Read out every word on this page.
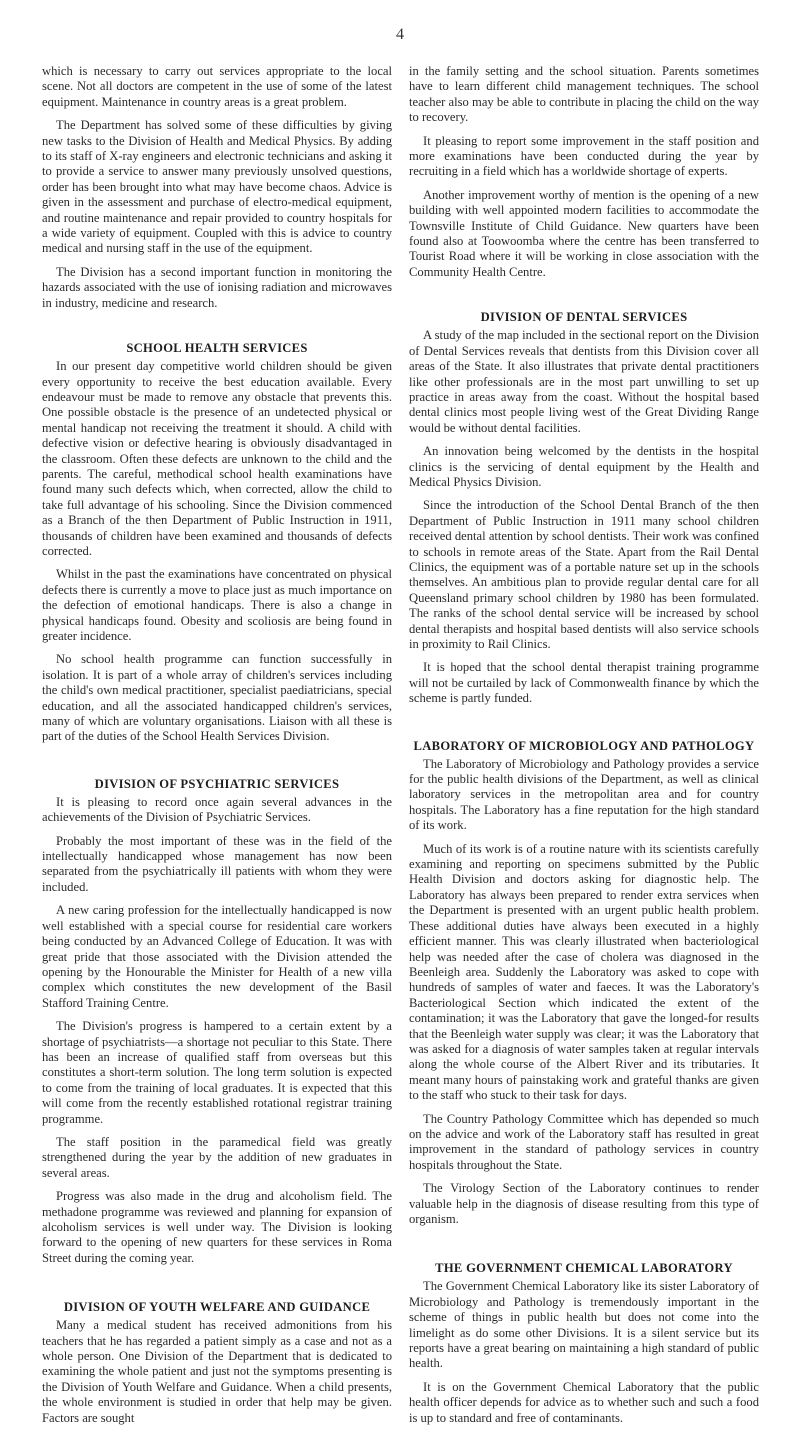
4

which is necessary to carry out services appropriate to the local scene. Not all doctors are competent in the use of some of the latest equipment. Maintenance in country areas is a great problem.

The Department has solved some of these difficulties by giving new tasks to the Division of Health and Medical Physics. By adding to its staff of X-ray engineers and electronic technicians and asking it to provide a service to answer many previously unsolved questions, order has been brought into what may have become chaos. Advice is given in the assessment and purchase of electro-medical equipment, and routine maintenance and repair provided to country hospitals for a wide variety of equipment. Coupled with this is advice to country medical and nursing staff in the use of the equipment.

The Division has a second important function in monitoring the hazards associated with the use of ionising radiation and microwaves in industry, medicine and research.

SCHOOL HEALTH SERVICES

In our present day competitive world children should be given every opportunity to receive the best education available. Every endeavour must be made to remove any obstacle that prevents this. One possible obstacle is the presence of an undetected physical or mental handicap not receiving the treatment it should. A child with defective vision or defective hearing is obviously disadvantaged in the classroom. Often these defects are unknown to the child and the parents. The careful, methodical school health examinations have found many such defects which, when corrected, allow the child to take full advantage of his schooling. Since the Division commenced as a Branch of the then Department of Public Instruction in 1911, thousands of children have been examined and thousands of defects corrected.

Whilst in the past the examinations have concentrated on physical defects there is currently a move to place just as much importance on the defection of emotional handicaps. There is also a change in physical handicaps found. Obesity and scoliosis are being found in greater incidence.

No school health programme can function successfully in isolation. It is part of a whole array of children's services including the child's own medical practitioner, specialist paediatricians, special education, and all the associated handicapped children's services, many of which are voluntary organisations. Liaison with all these is part of the duties of the School Health Services Division.

DIVISION OF PSYCHIATRIC SERVICES

It is pleasing to record once again several advances in the achievements of the Division of Psychiatric Services.

Probably the most important of these was in the field of the intellectually handicapped whose management has now been separated from the psychiatrically ill patients with whom they were included.

A new caring profession for the intellectually handicapped is now well established with a special course for residential care workers being conducted by an Advanced College of Education. It was with great pride that those associated with the Division attended the opening by the Honourable the Minister for Health of a new villa complex which constitutes the new development of the Basil Stafford Training Centre.

The Division's progress is hampered to a certain extent by a shortage of psychiatrists—a shortage not peculiar to this State. There has been an increase of qualified staff from overseas but this constitutes a short-term solution. The long term solution is expected to come from the training of local graduates. It is expected that this will come from the recently established rotational registrar training programme.

The staff position in the paramedical field was greatly strengthened during the year by the addition of new graduates in several areas.

Progress was also made in the drug and alcoholism field. The methadone programme was reviewed and planning for expansion of alcoholism services is well under way. The Division is looking forward to the opening of new quarters for these services in Roma Street during the coming year.

DIVISION OF YOUTH WELFARE AND GUIDANCE

Many a medical student has received admonitions from his teachers that he has regarded a patient simply as a case and not as a whole person. One Division of the Department that is dedicated to examining the whole patient and just not the symptoms presenting is the Division of Youth Welfare and Guidance. When a child presents, the whole environment is studied in order that help may be given. Factors are sought

in the family setting and the school situation. Parents sometimes have to learn different child management techniques. The school teacher also may be able to contribute in placing the child on the way to recovery.

It pleasing to report some improvement in the staff position and more examinations have been conducted during the year by recruiting in a field which has a worldwide shortage of experts.

Another improvement worthy of mention is the opening of a new building with well appointed modern facilities to accommodate the Townsville Institute of Child Guidance. New quarters have been found also at Toowoomba where the centre has been transferred to Tourist Road where it will be working in close association with the Community Health Centre.

DIVISION OF DENTAL SERVICES

A study of the map included in the sectional report on the Division of Dental Services reveals that dentists from this Division cover all areas of the State. It also illustrates that private dental practitioners like other professionals are in the most part unwilling to set up practice in areas away from the coast. Without the hospital based dental clinics most people living west of the Great Dividing Range would be without dental facilities.

An innovation being welcomed by the dentists in the hospital clinics is the servicing of dental equipment by the Health and Medical Physics Division.

Since the introduction of the School Dental Branch of the then Department of Public Instruction in 1911 many school children received dental attention by school dentists. Their work was confined to schools in remote areas of the State. Apart from the Rail Dental Clinics, the equipment was of a portable nature set up in the schools themselves. An ambitious plan to provide regular dental care for all Queensland primary school children by 1980 has been formulated. The ranks of the school dental service will be increased by school dental therapists and hospital based dentists will also service schools in proximity to Rail Clinics.

It is hoped that the school dental therapist training programme will not be curtailed by lack of Commonwealth finance by which the scheme is partly funded.

LABORATORY OF MICROBIOLOGY AND PATHOLOGY

The Laboratory of Microbiology and Pathology provides a service for the public health divisions of the Department, as well as clinical laboratory services in the metropolitan area and for country hospitals. The Laboratory has a fine reputation for the high standard of its work.

Much of its work is of a routine nature with its scientists carefully examining and reporting on specimens submitted by the Public Health Division and doctors asking for diagnostic help. The Laboratory has always been prepared to render extra services when the Department is presented with an urgent public health problem. These additional duties have always been executed in a highly efficient manner. This was clearly illustrated when bacteriological help was needed after the case of cholera was diagnosed in the Beenleigh area. Suddenly the Laboratory was asked to cope with hundreds of samples of water and faeces. It was the Laboratory's Bacteriological Section which indicated the extent of the contamination; it was the Laboratory that gave the longed-for results that the Beenleigh water supply was clear; it was the Laboratory that was asked for a diagnosis of water samples taken at regular intervals along the whole course of the Albert River and its tributaries. It meant many hours of painstaking work and grateful thanks are given to the staff who stuck to their task for days.

The Country Pathology Committee which has depended so much on the advice and work of the Laboratory staff has resulted in great improvement in the standard of pathology services in country hospitals throughout the State.

The Virology Section of the Laboratory continues to render valuable help in the diagnosis of disease resulting from this type of organism.

THE GOVERNMENT CHEMICAL LABORATORY

The Government Chemical Laboratory like its sister Laboratory of Microbiology and Pathology is tremendously important in the scheme of things in public health but does not come into the limelight as do some other Divisions. It is a silent service but its reports have a great bearing on maintaining a high standard of public health.

It is on the Government Chemical Laboratory that the public health officer depends for advice as to whether such and such a food is up to standard and free of contaminants.
